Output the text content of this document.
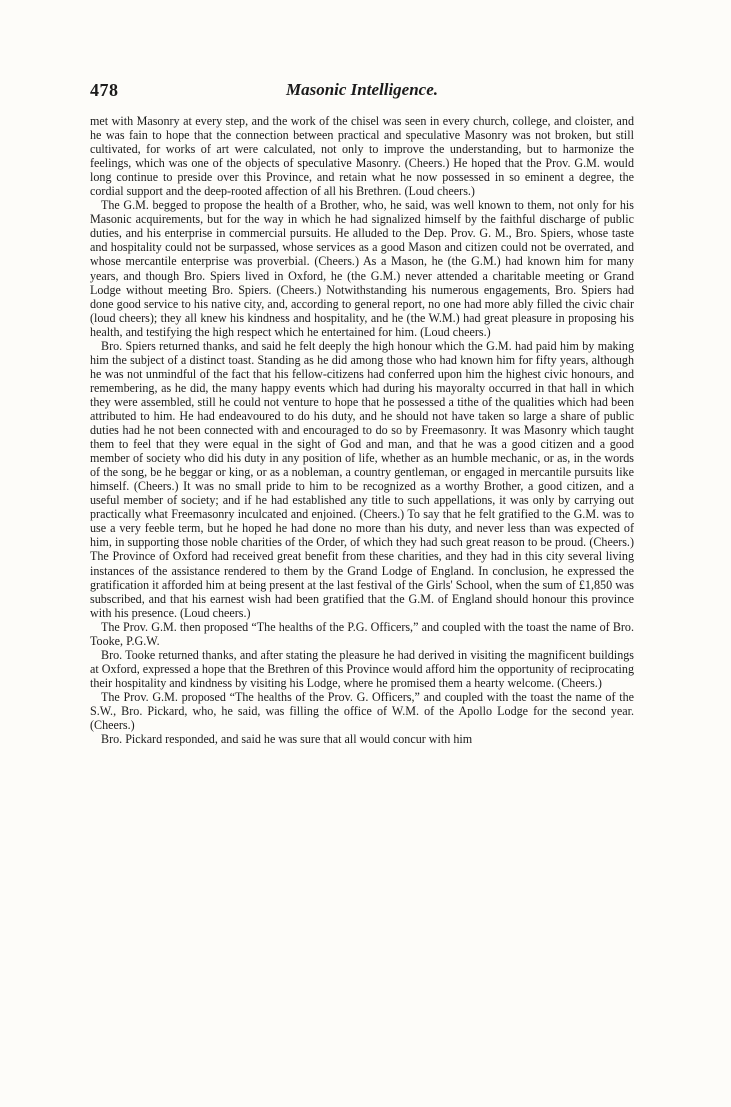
478	Masonic Intelligence.

met with Masonry at every step, and the work of the chisel was seen in every church, college, and cloister, and he was fain to hope that the connection between practical and speculative Masonry was not broken, but still cultivated, for works of art were calculated, not only to improve the understanding, but to harmonize the feelings, which was one of the objects of speculative Masonry. (Cheers.) He hoped that the Prov. G.M. would long continue to preside over this Province, and retain what he now possessed in so eminent a degree, the cordial support and the deep-rooted affection of all his Brethren. (Loud cheers.)

The G.M. begged to propose the health of a Brother, who, he said, was well known to them, not only for his Masonic acquirements, but for the way in which he had signalized himself by the faithful discharge of public duties, and his enterprise in commercial pursuits. He alluded to the Dep. Prov. G. M., Bro. Spiers, whose taste and hospitality could not be surpassed, whose services as a good Mason and citizen could not be overrated, and whose mercantile enterprise was proverbial. (Cheers.) As a Mason, he (the G.M.) had known him for many years, and though Bro. Spiers lived in Oxford, he (the G.M.) never attended a charitable meeting or Grand Lodge without meeting Bro. Spiers. (Cheers.) Notwithstanding his numerous engagements, Bro. Spiers had done good service to his native city, and, according to general report, no one had more ably filled the civic chair (loud cheers); they all knew his kindness and hospitality, and he (the W.M.) had great pleasure in proposing his health, and testifying the high respect which he entertained for him. (Loud cheers.)

Bro. Spiers returned thanks, and said he felt deeply the high honour which the G.M. had paid him by making him the subject of a distinct toast. Standing as he did among those who had known him for fifty years, although he was not unmindful of the fact that his fellow-citizens had conferred upon him the highest civic honours, and remembering, as he did, the many happy events which had during his mayoralty occurred in that hall in which they were assembled, still he could not venture to hope that he possessed a tithe of the qualities which had been attributed to him. He had endeavoured to do his duty, and he should not have taken so large a share of public duties had he not been connected with and encouraged to do so by Freemasonry. It was Masonry which taught them to feel that they were equal in the sight of God and man, and that he was a good citizen and a good member of society who did his duty in any position of life, whether as an humble mechanic, or as, in the words of the song, be he beggar or king, or as a nobleman, a country gentleman, or engaged in mercantile pursuits like himself. (Cheers.) It was no small pride to him to be recognized as a worthy Brother, a good citizen, and a useful member of society; and if he had established any title to such appellations, it was only by carrying out practically what Freemasonry inculcated and enjoined. (Cheers.) To say that he felt gratified to the G.M. was to use a very feeble term, but he hoped he had done no more than his duty, and never less than was expected of him, in supporting those noble charities of the Order, of which they had such great reason to be proud. (Cheers.) The Province of Oxford had received great benefit from these charities, and they had in this city several living instances of the assistance rendered to them by the Grand Lodge of England. In conclusion, he expressed the gratification it afforded him at being present at the last festival of the Girls' School, when the sum of £1,850 was subscribed, and that his earnest wish had been gratified that the G.M. of England should honour this province with his presence. (Loud cheers.)

The Prov. G.M. then proposed “The healths of the P.G. Officers,” and coupled with the toast the name of Bro. Tooke, P.G.W.

Bro. Tooke returned thanks, and after stating the pleasure he had derived in visiting the magnificent buildings at Oxford, expressed a hope that the Brethren of this Province would afford him the opportunity of reciprocating their hospitality and kindness by visiting his Lodge, where he promised them a hearty welcome. (Cheers.)

The Prov. G.M. proposed “The healths of the Prov. G. Officers,” and coupled with the toast the name of the S.W., Bro. Pickard, who, he said, was filling the office of W.M. of the Apollo Lodge for the second year. (Cheers.)

Bro. Pickard responded, and said he was sure that all would concur with him
